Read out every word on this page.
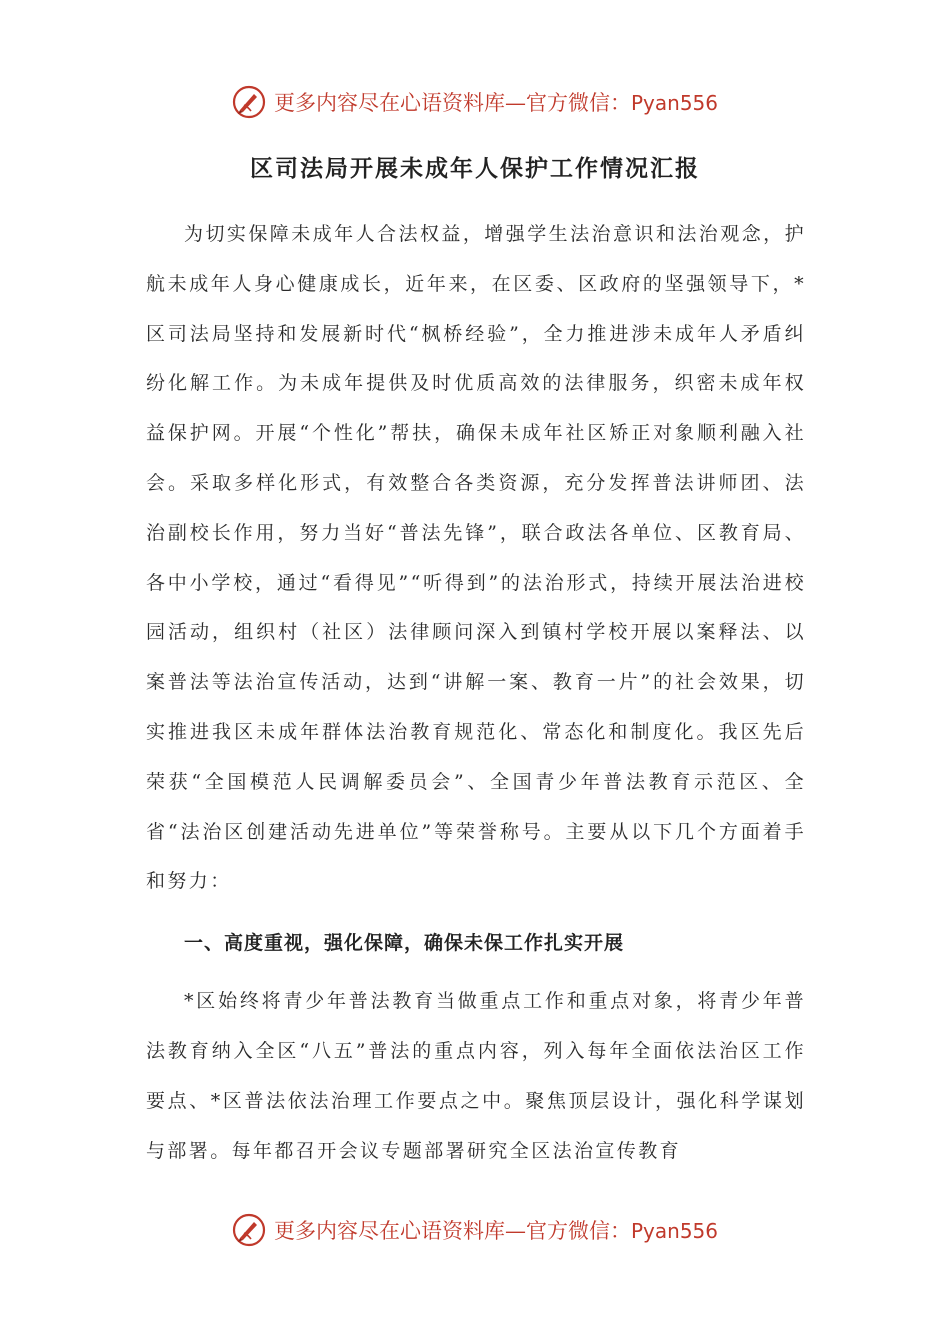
更多内容尽在心语资料库—官方微信：Pyan556
区司法局开展未成年人保护工作情况汇报

为切实保障未成年人合法权益，增强学生法治意识和法治观念，护航未成年人身心健康成长，近年来，在区委、区政府的坚强领导下，*区司法局坚持和发展新时代“枫桥经验”，全力推进涉未成年人矛盾纠纷化解工作。为未成年提供及时优质高效的法律服务，织密未成年权益保护网。开展“个性化”帮扶，确保未成年社区矫正对象顺利融入社会。采取多样化形式，有效整合各类资源，充分发挥普法讲师团、法治副校长作用，努力当好“普法先锋”，联合政法各单位、区教育局、各中小学校，通过“看得见”“听得到”的法治形式，持续开展法治进校园活动，组织村（社区）法律顾问深入到镇村学校开展以案释法、以案普法等法治宣传活动，达到“讲解一案、教育一片”的社会效果，切实推进我区未成年群体法治教育规范化、常态化和制度化。我区先后荣获“全国模范人民调解委员会”、全国青少年普法教育示范区、全省“法治区创建活动先进单位”等荣誉称号。主要从以下几个方面着手和努力：

一、高度重视，强化保障，确保未保工作扎实开展

*区始终将青少年普法教育当做重点工作和重点对象，将青少年普法教育纳入全区“八五”普法的重点内容，列入每年全面依法治区工作要点、*区普法依法治理工作要点之中。聚焦顶层设计，强化科学谋划与部署。每年都召开会议专题部署研究全区法治宣传教育

更多内容尽在心语资料库—官方微信：Pyan556
